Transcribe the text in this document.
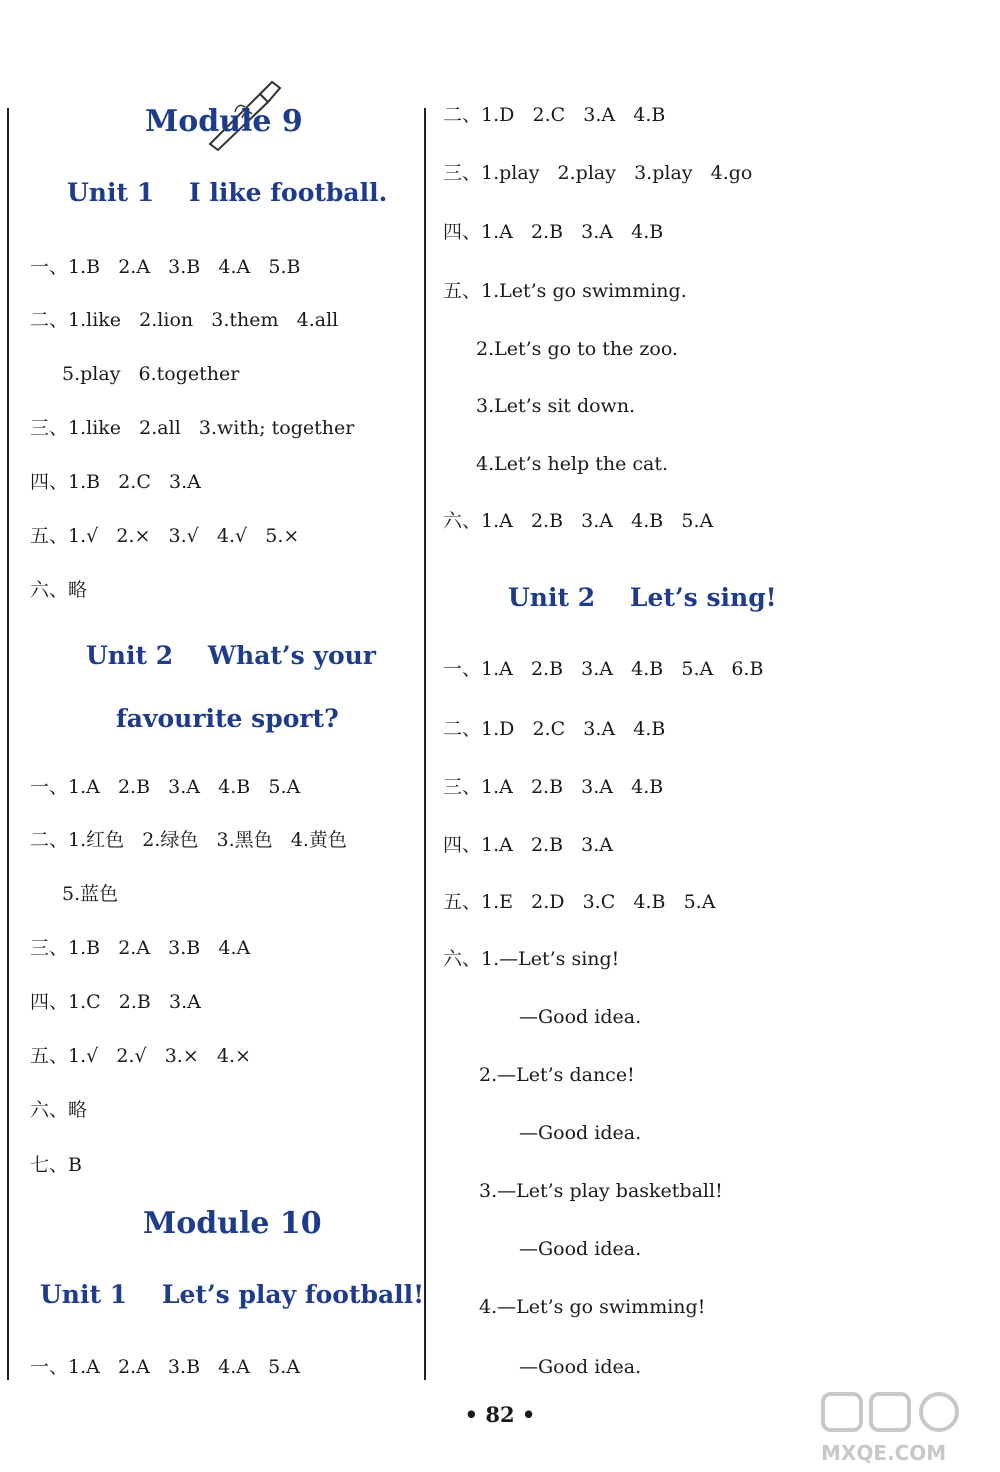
Module 9
Unit 1    I like football.
一、1.B   2.A   3.B   4.A   5.B
二、1.like   2.lion   3.them   4.all
5.play   6.together
三、1.like   2.all   3.with; together
四、1.B   2.C   3.A
五、1.√   2.×   3.√   4.√   5.×
六、略
Unit 2    What’s your
favourite sport?
一、1.A   2.B   3.A   4.B   5.A
二、1.红色   2.绿色   3.黑色   4.黄色
5.蓝色
三、1.B   2.A   3.B   4.A
四、1.C   2.B   3.A
五、1.√   2.√   3.×   4.×
六、略
七、B
Module 10
Unit 1    Let’s play football!
一、1.A   2.A   3.B   4.A   5.A
二、1.D   2.C   3.A   4.B
三、1.play   2.play   3.play   4.go
四、1.A   2.B   3.A   4.B
五、1.Let’s go swimming.
2.Let’s go to the zoo.
3.Let’s sit down.
4.Let’s help the cat.
六、1.A   2.B   3.A   4.B   5.A
Unit 2    Let’s sing!
一、1.A   2.B   3.A   4.B   5.A   6.B
二、1.D   2.C   3.A   4.B
三、1.A   2.B   3.A   4.B
四、1.A   2.B   3.A
五、1.E   2.D   3.C   4.B   5.A
六、1.—Let’s sing!
—Good idea.
2.—Let’s dance!
—Good idea.
3.—Let’s play basketball!
—Good idea.
4.—Let’s go swimming!
—Good idea.
• 82 •
MXQE.COM
